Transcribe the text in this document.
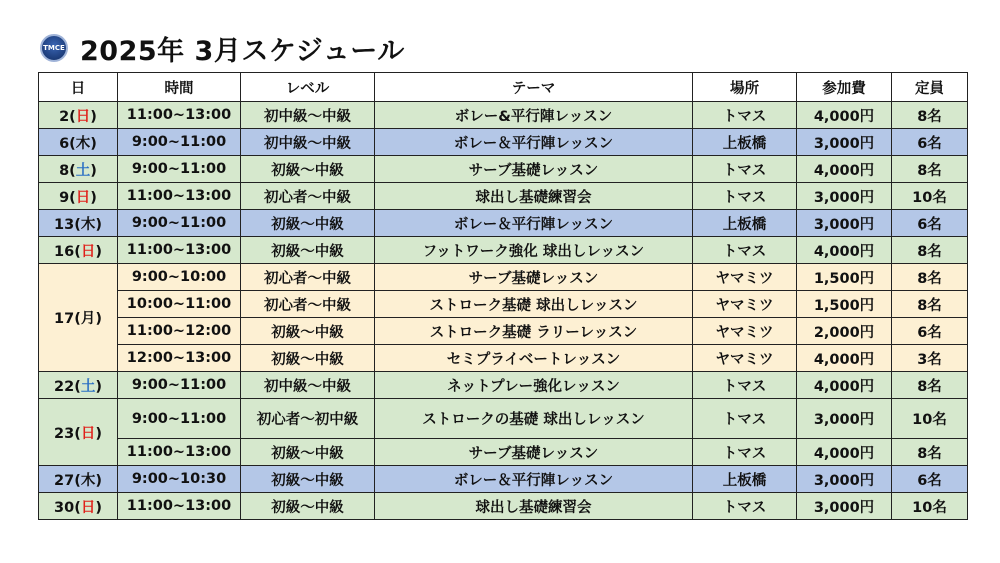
TMCE 2025年 3月スケジュール
日	時間	レベル	テーマ	場所	参加費	定員
2(日)	11:00~13:00	初中級〜中級	ボレー&平行陣レッスン	トマス	4,000円	8名
6(木)	9:00~11:00	初中級〜中級	ボレー＆平行陣レッスン	上板橋	3,000円	6名
8(土)	9:00~11:00	初級〜中級	サーブ基礎レッスン	トマス	4,000円	8名
9(日)	11:00~13:00	初心者〜中級	球出し基礎練習会	トマス	3,000円	10名
13(木)	9:00~11:00	初級〜中級	ボレー＆平行陣レッスン	上板橋	3,000円	6名
16(日)	11:00~13:00	初級〜中級	フットワーク強化 球出しレッスン	トマス	4,000円	8名
17(月)	9:00~10:00	初心者〜中級	サーブ基礎レッスン	ヤマミツ	1,500円	8名
	10:00~11:00	初心者〜中級	ストローク基礎 球出しレッスン	ヤマミツ	1,500円	8名
	11:00~12:00	初級〜中級	ストローク基礎 ラリーレッスン	ヤマミツ	2,000円	6名
	12:00~13:00	初級〜中級	セミプライベートレッスン	ヤマミツ	4,000円	3名
22(土)	9:00~11:00	初中級〜中級	ネットプレー強化レッスン	トマス	4,000円	8名
23(日)	9:00~11:00	初心者〜初中級	ストロークの基礎 球出しレッスン	トマス	3,000円	10名
	11:00~13:00	初級〜中級	サーブ基礎レッスン	トマス	4,000円	8名
27(木)	9:00~10:30	初級〜中級	ボレー＆平行陣レッスン	上板橋	3,000円	6名
30(日)	11:00~13:00	初級〜中級	球出し基礎練習会	トマス	3,000円	10名
